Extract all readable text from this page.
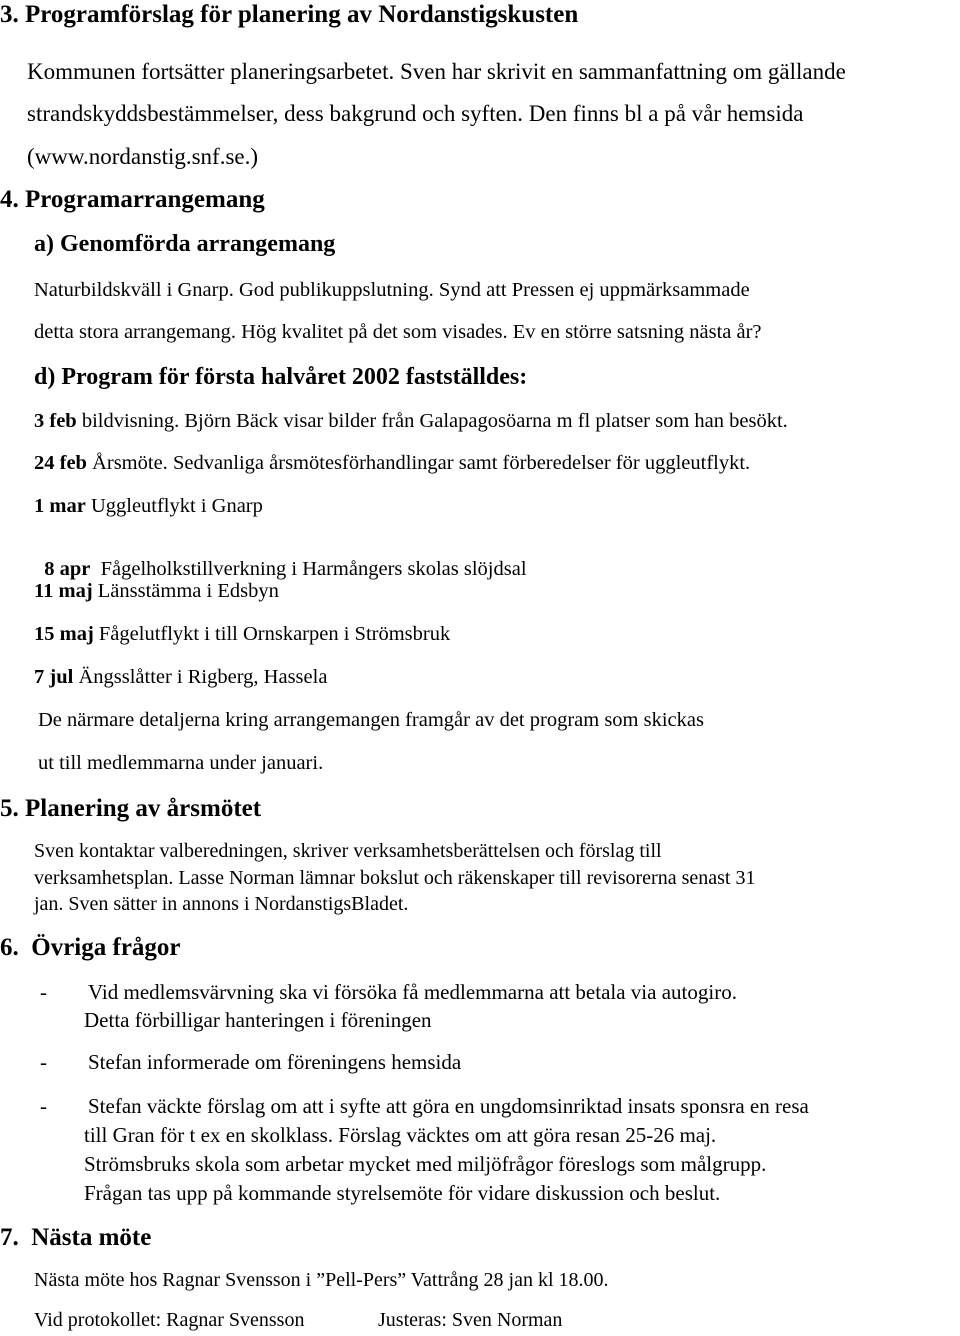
3. Programförslag för planering av Nordanstigskusten
Kommunen fortsätter planeringsarbetet. Sven har skrivit en sammanfattning om gällande
strandskyddsbestämmelser, dess bakgrund och syften. Den finns bl a på vår hemsida
(www.nordanstig.snf.se.)
4. Programarrangemang
a) Genomförda arrangemang
Naturbildskväll i Gnarp. God publikuppslutning. Synd att Pressen ej uppmärksammade
detta stora arrangemang. Hög kvalitet på det som visades. Ev en större satsning nästa år?
d) Program för första halvåret 2002 fastställdes:
3 feb bildvisning. Björn Bäck visar bilder från Galapagosöarna m fl platser som han besökt.
24 feb Årsmöte. Sedvanliga årsmötesförhandlingar samt förberedelser för uggleutflykt.
1 mar Uggleutflykt i Gnarp

8 apr  Fågelholkstillverkning i Harmångers skolas slöjdsal

11 maj Länsstämma i Edsbyn
15 maj Fågelutflykt i till Ornskarpen i Strömsbruk
7 jul Ängsslåtter i Rigberg, Hassela
De närmare detaljerna kring arrangemangen framgår av det program som skickas
ut till medlemmarna under januari.
5. Planering av årsmötet
Sven kontaktar valberedningen, skriver verksamhetsberättelsen och förslag till
verksamhetsplan. Lasse Norman lämnar bokslut och räkenskaper till revisorerna senast 31
jan. Sven sätter in annons i NordanstigsBladet.
6.  Övriga frågor
- Vid medlemsvärvning ska vi försöka få medlemmarna att betala via autogiro.
Detta förbilligar hanteringen i föreningen
- Stefan informerade om föreningens hemsida
- Stefan väckte förslag om att i syfte att göra en ungdomsinriktad insats sponsra en resa
till Gran för t ex en skolklass. Förslag väcktes om att göra resan 25-26 maj.
Strömsbruks skola som arbetar mycket med miljöfrågor föreslogs som målgrupp.
Frågan tas upp på kommande styrelsemöte för vidare diskussion och beslut.
7.  Nästa möte
Nästa möte hos Ragnar Svensson i ”Pell-Pers” Vattrång 28 jan kl 18.00.
Vid protokollet: Ragnar Svensson	Justeras: Sven Norman
